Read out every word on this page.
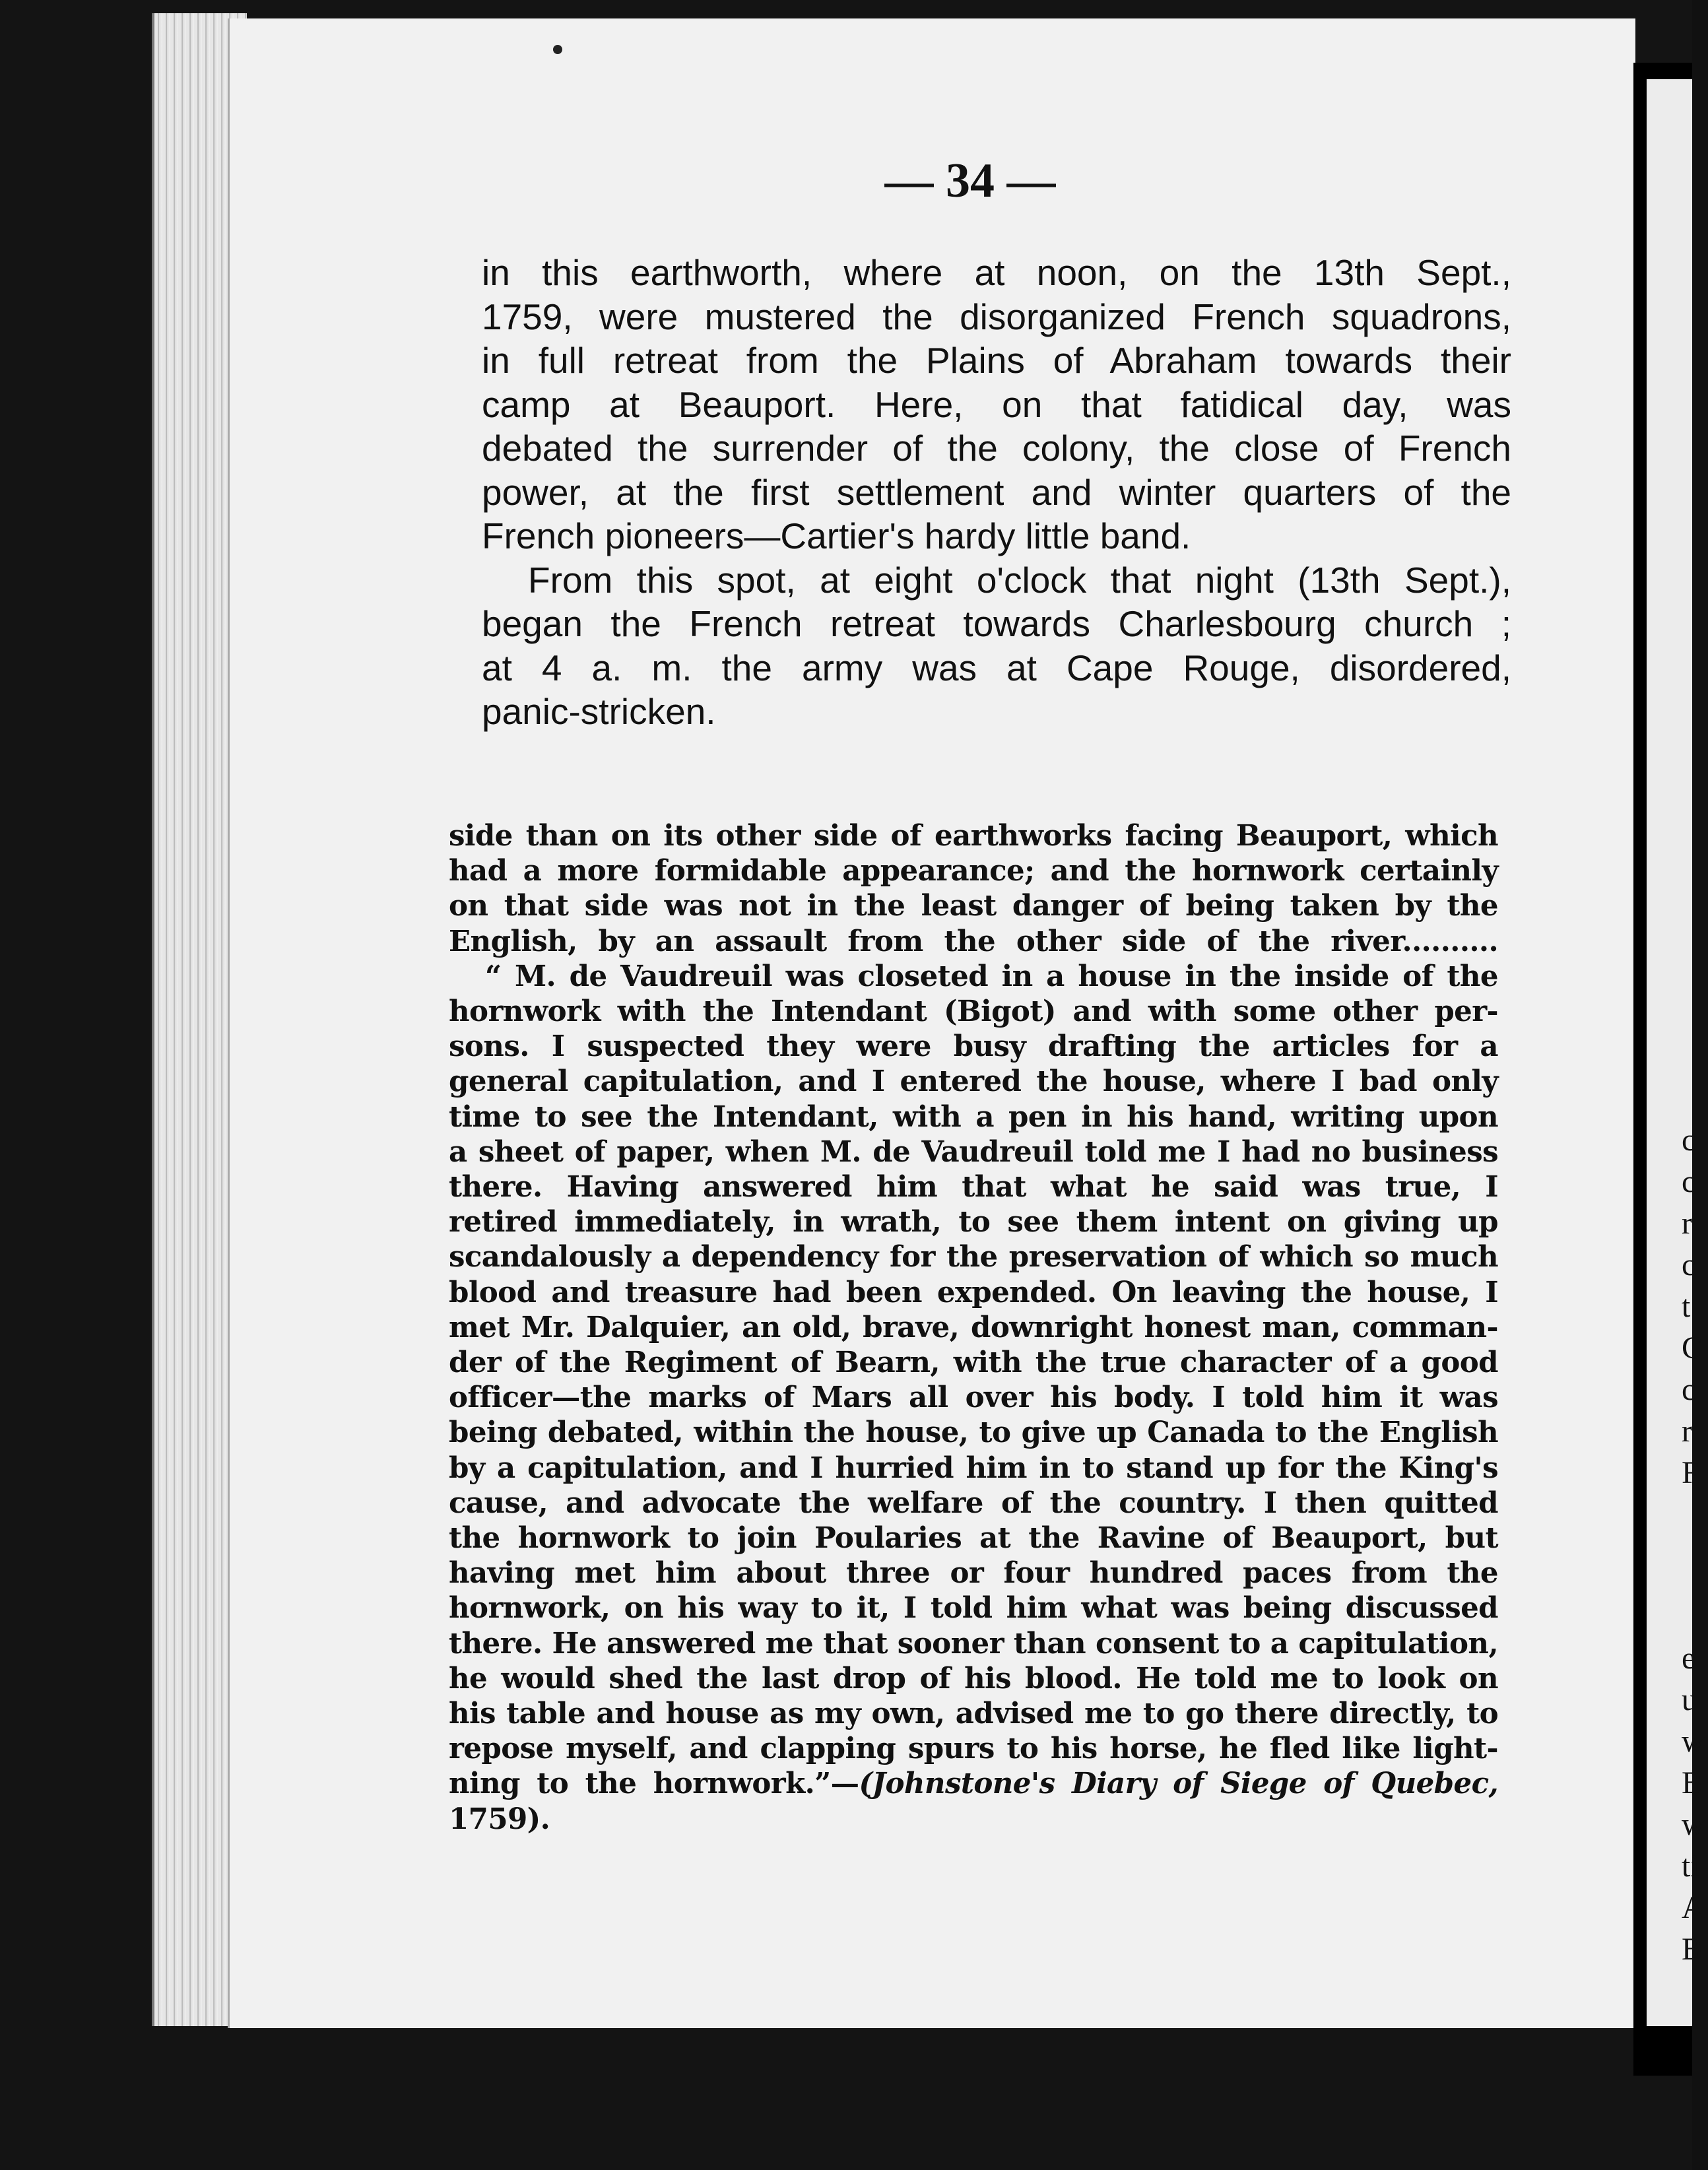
c
c
r
c
t
C
c
r
F
e
u
w
B
w
ti
A
B
— 34 —
in this earthworth, where at noon, on the 13th Sept.,
1759, were mustered the disorganized French squadrons,
in full retreat from the Plains of Abraham towards their
camp at Beauport. Here, on that fatidical day, was
debated the surrender of the colony, the close of French
power, at the first settlement and winter quarters of the
French pioneers—Cartier's hardy little band.
From this spot, at eight o'clock that night (13th Sept.),
began the French retreat towards Charlesbourg church ;
at 4 a. m. the army was at Cape Rouge, disordered,
panic-stricken.
side than on its other side of earthworks facing Beauport, which
had a more formidable appearance; and the hornwork certainly
on that side was not in the least danger of being taken by the
English, by an assault from the other side of the river..........
“ M. de Vaudreuil was closeted in a house in the inside of the
hornwork with the Intendant (Bigot) and with some other per-
sons. I suspected they were busy drafting the articles for a
general capitulation, and I entered the house, where I bad only
time to see the Intendant, with a pen in his hand, writing upon
a sheet of paper, when M. de Vaudreuil told me I had no business
there. Having answered him that what he said was true, I
retired immediately, in wrath, to see them intent on giving up
scandalously a dependency for the preservation of which so much
blood and treasure had been expended. On leaving the house, I
met Mr. Dalquier, an old, brave, downright honest man, comman-
der of the Regiment of Bearn, with the true character of a good
officer—the marks of Mars all over his body. I told him it was
being debated, within the house, to give up Canada to the English
by a capitulation, and I hurried him in to stand up for the King's
cause, and advocate the welfare of the country. I then quitted
the hornwork to join Poularies at the Ravine of Beauport, but
having met him about three or four hundred paces from the
hornwork, on his way to it, I told him what was being discussed
there. He answered me that sooner than consent to a capitulation,
he would shed the last drop of his blood. He told me to look on
his table and house as my own, advised me to go there directly, to
repose myself, and clapping spurs to his horse, he fled like light-
ning to the hornwork.”—(Johnstone's Diary of Siege of Quebec,
1759).
